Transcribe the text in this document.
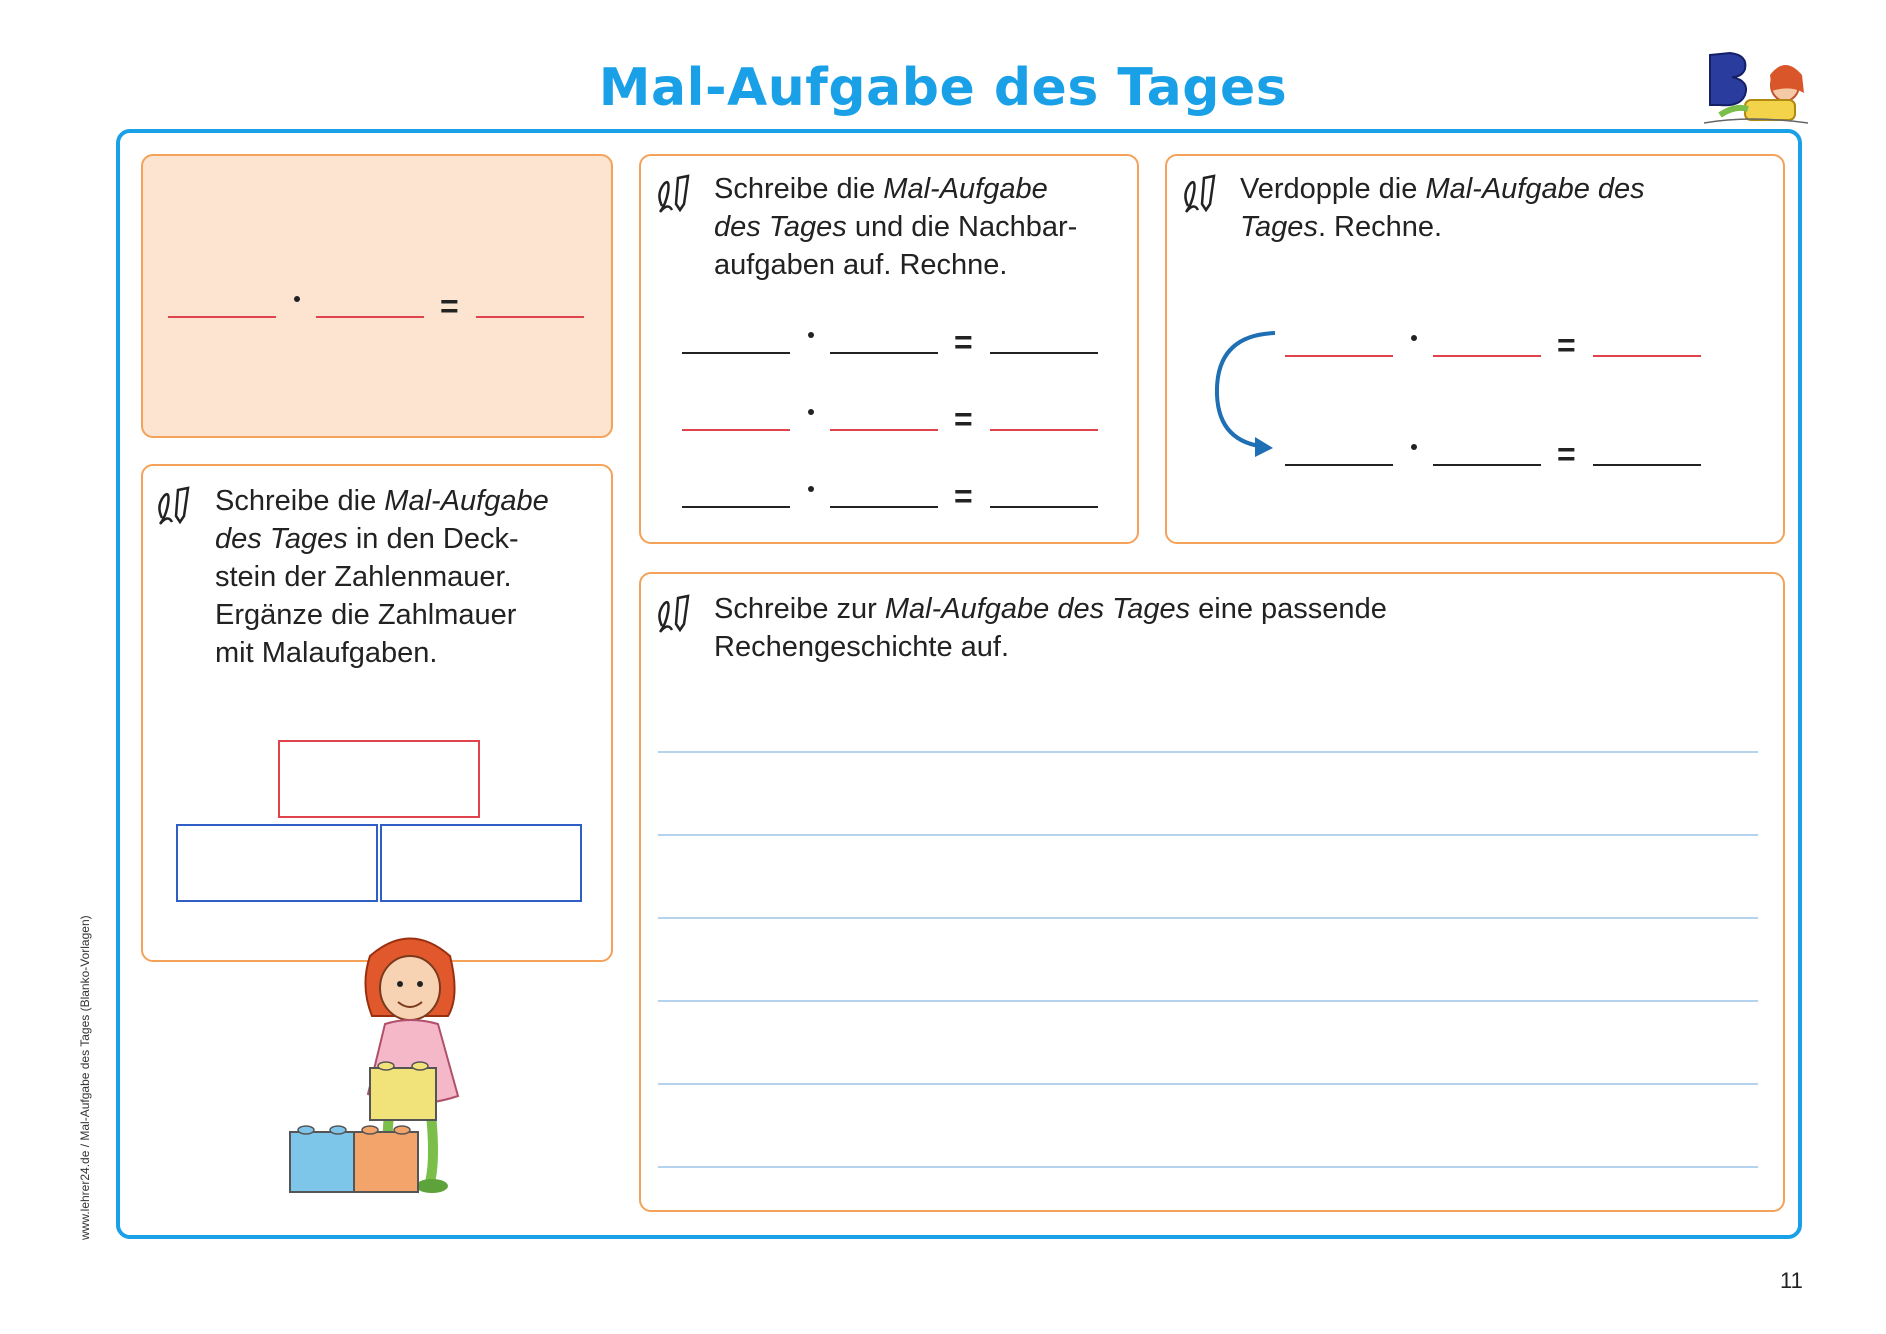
Mal-Aufgabe des Tages
=
Schreibe die Mal-Aufgabe
des Tages und die Nachbar-
aufgaben auf. Rechne.
=
=
=
Verdopple die Mal-Aufgabe des
Tages. Rechne.
=
=
Schreibe die Mal-Aufgabe
des Tages in den Deck-
stein der Zahlenmauer.
Ergänze die Zahlmauer
mit Malaufgaben.
Schreibe zur Mal-Aufgabe des Tages eine passende
Rechengeschichte auf.
www.lehrer24.de / Mal-Aufgabe des Tages (Blanko-Vorlagen)
11
